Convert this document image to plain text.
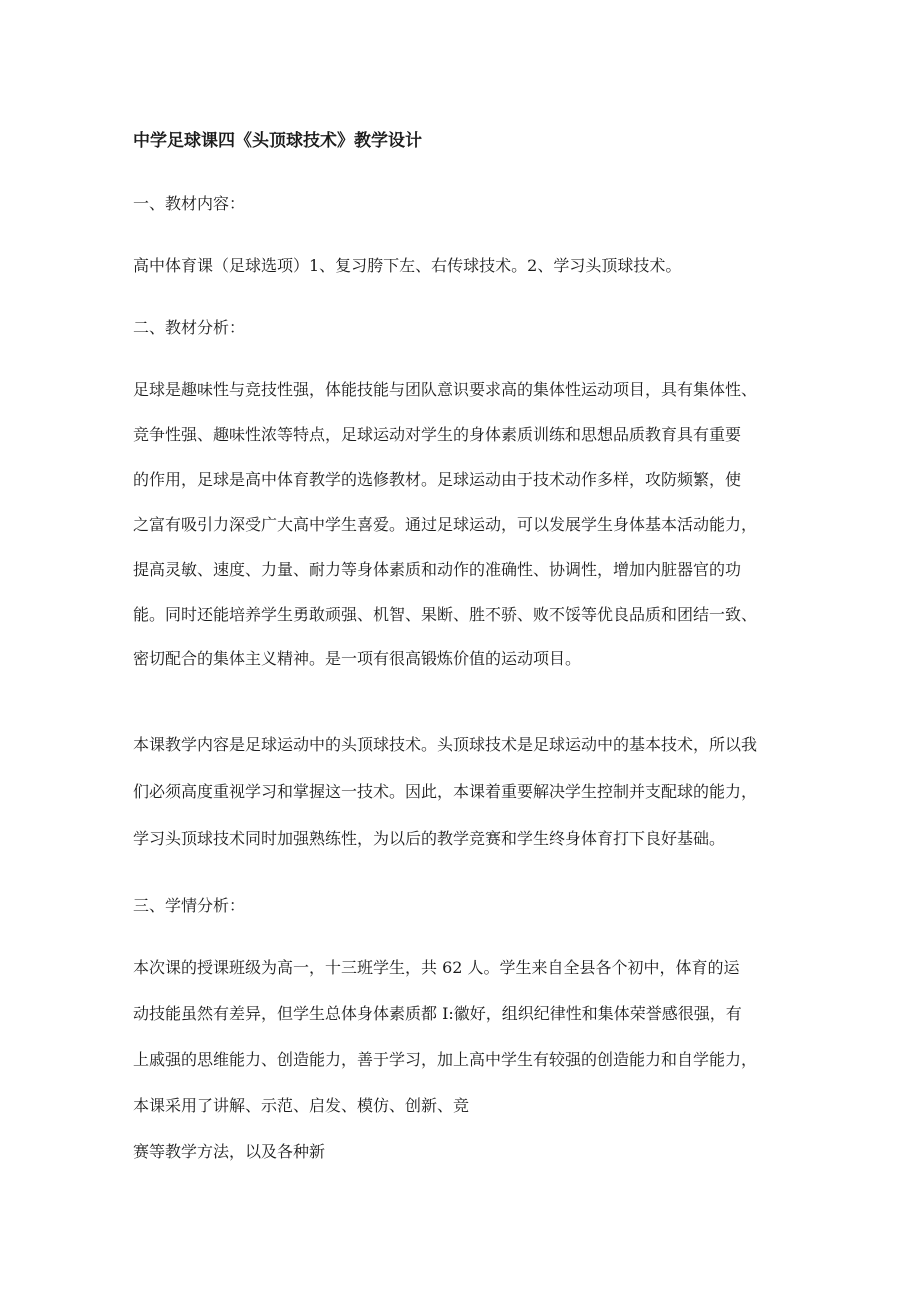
中学足球课四《头顶球技术》教学设计
一、教材内容：

高中体育课（足球选项）1、复习胯下左、右传球技术。2、学习头顶球技术。

二、教材分析：

足球是趣味性与竞技性强，体能技能与团队意识要求高的集体性运动项目，具有集体性、

竞争性强、趣味性浓等特点，足球运动对学生的身体素质训练和思想品质教育具有重要

的作用，足球是高中体育教学的选修教材。足球运动由于技术动作多样，攻防频繁，使

之富有吸引力深受广大高中学生喜爱。通过足球运动，可以发展学生身体基本活动能力，

提高灵敏、速度、力量、耐力等身体素质和动作的准确性、协调性，增加内脏器官的功

能。同时还能培养学生勇敢顽强、机智、果断、胜不骄、败不馁等优良品质和团结一致、

密切配合的集体主义精神。是一项有很高锻炼价值的运动项目。

本课教学内容是足球运动中的头顶球技术。头顶球技术是足球运动中的基本技术，所以我

们必须高度重视学习和掌握这一技术。因此，本课着重要解决学生控制并支配球的能力，

学习头顶球技术同时加强熟练性，为以后的教学竞赛和学生终身体育打下良好基础。

三、学情分析：

本次课的授课班级为高一，十三班学生，共 62 人。学生来自全县各个初中，体育的运

动技能虽然有差异，但学生总体身体素质都 I:徽好，组织纪律性和集体荣誉感很强，有

上戚强的思维能力、创造能力，善于学习，加上高中学生有较强的创造能力和自学能力，

本课采用了讲解、示范、启发、模仿、创新、竞

赛等教学方法，以及各种新
